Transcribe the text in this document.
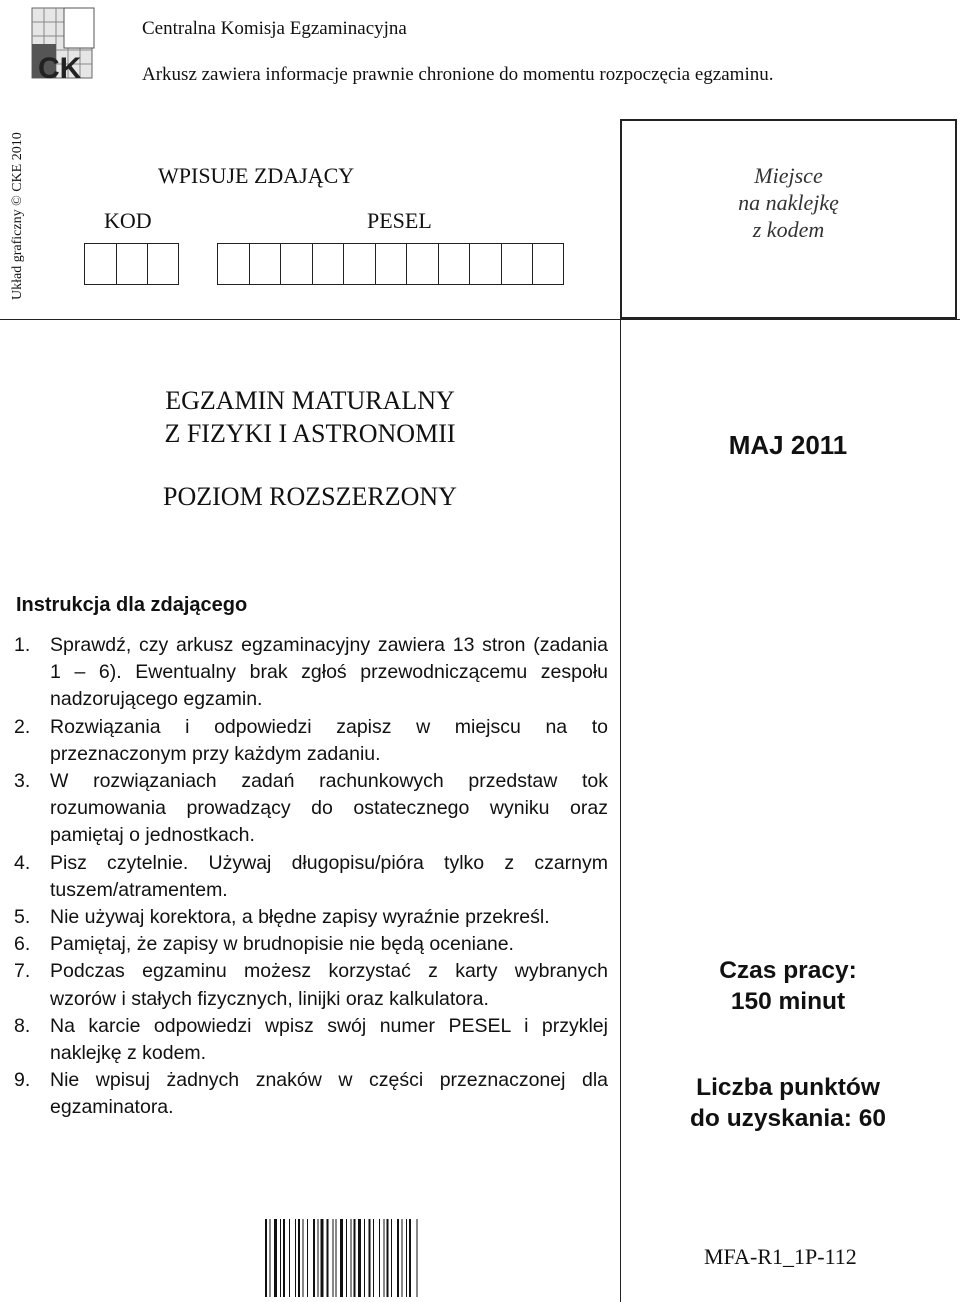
CK
Centralna Komisja Egzaminacyjna
Arkusz zawiera informacje prawnie chronione do momentu rozpoczęcia egzaminu.
Układ graficzny © CKE 2010	WPISUJE ZDAJĄCY
KOD	PESEL
Miejsce
na naklejkę
z kodem
EGZAMIN MATURALNY
Z FIZYKI I ASTRONOMII
POZIOM ROZSZERZONY
MAJ 2011
Instrukcja dla zdającego
1. Sprawdź, czy arkusz egzaminacyjny zawiera 13 stron (zadania 1 – 6). Ewentualny brak zgłoś przewodniczącemu zespołu nadzorującego egzamin.
2. Rozwiązania i odpowiedzi zapisz w miejscu na to przeznaczonym przy każdym zadaniu.
3. W rozwiązaniach zadań rachunkowych przedstaw tok rozumowania prowadzący do ostatecznego wyniku oraz pamiętaj o jednostkach.
4. Pisz czytelnie. Używaj długopisu/pióra tylko z czarnym tuszem/atramentem.
5. Nie używaj korektora, a błędne zapisy wyraźnie przekreśl.
6. Pamiętaj, że zapisy w brudnopisie nie będą oceniane.
7. Podczas egzaminu możesz korzystać z karty wybranych wzorów i stałych fizycznych, linijki oraz kalkulatora.
8. Na karcie odpowiedzi wpisz swój numer PESEL i przyklej naklejkę z kodem.
9. Nie wpisuj żadnych znaków w części przeznaczonej dla egzaminatora.
Czas pracy:
150 minut
Liczba punktów
do uzyskania: 60
MFA-R1_1P-112
